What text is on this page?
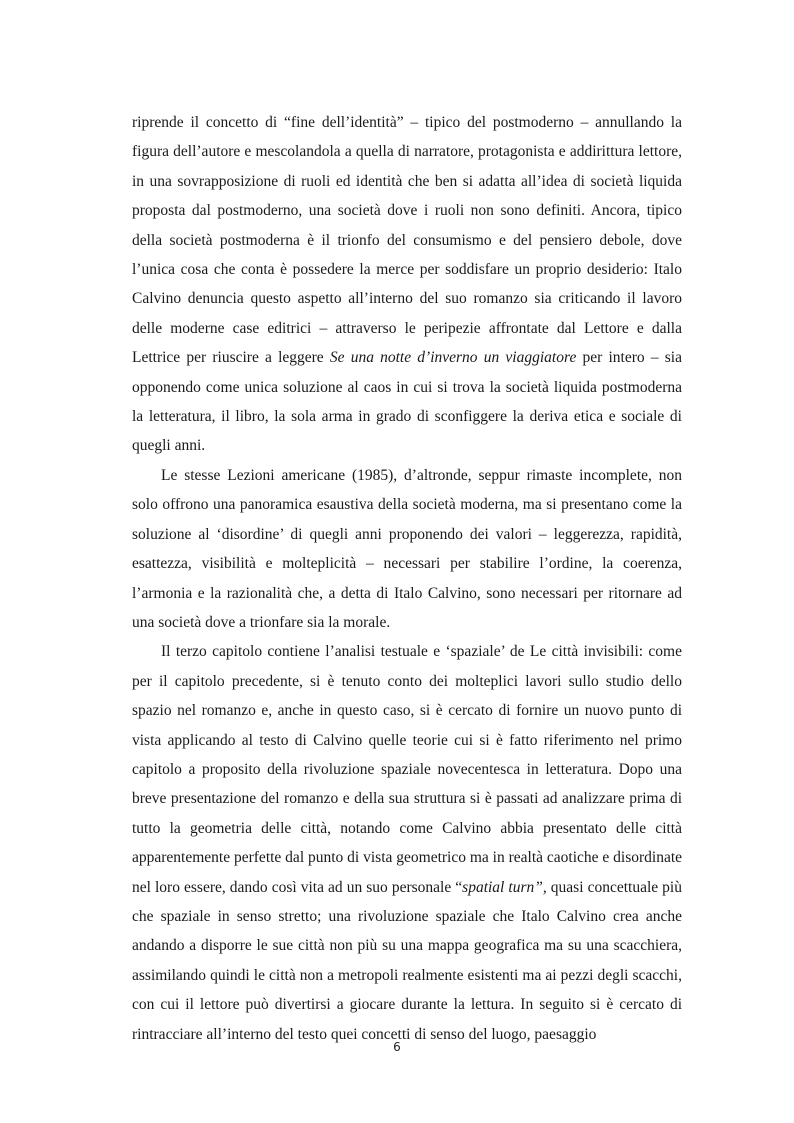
riprende il concetto di “fine dell’identità” – tipico del postmoderno – annullando la figura dell’autore e mescolandola a quella di narratore, protagonista e addirittura lettore, in una sovrapposizione di ruoli ed identità che ben si adatta all’idea di società liquida proposta dal postmoderno, una società dove i ruoli non sono definiti. Ancora, tipico della società postmoderna è il trionfo del consumismo e del pensiero debole, dove l’unica cosa che conta è possedere la merce per soddisfare un proprio desiderio: Italo Calvino denuncia questo aspetto all’interno del suo romanzo sia criticando il lavoro delle moderne case editrici – attraverso le peripezie affrontate dal Lettore e dalla Lettrice per riuscire a leggere Se una notte d’inverno un viaggiatore per intero – sia opponendo come unica soluzione al caos in cui si trova la società liquida postmoderna la letteratura, il libro, la sola arma in grado di sconfiggere la deriva etica e sociale di quegli anni.

Le stesse Lezioni americane (1985), d’altronde, seppur rimaste incomplete, non solo offrono una panoramica esaustiva della società moderna, ma si presentano come la soluzione al ‘disordine’ di quegli anni proponendo dei valori – leggerezza, rapidità, esattezza, visibilità e molteplicità – necessari per stabilire l’ordine, la coerenza, l’armonia e la razionalità che, a detta di Italo Calvino, sono necessari per ritornare ad una società dove a trionfare sia la morale.

Il terzo capitolo contiene l’analisi testuale e ‘spaziale’ de Le città invisibili: come per il capitolo precedente, si è tenuto conto dei molteplici lavori sullo studio dello spazio nel romanzo e, anche in questo caso, si è cercato di fornire un nuovo punto di vista applicando al testo di Calvino quelle teorie cui si è fatto riferimento nel primo capitolo a proposito della rivoluzione spaziale novecentesca in letteratura. Dopo una breve presentazione del romanzo e della sua struttura si è passati ad analizzare prima di tutto la geometria delle città, notando come Calvino abbia presentato delle città apparentemente perfette dal punto di vista geometrico ma in realtà caotiche e disordinate nel loro essere, dando così vita ad un suo personale “spatial turn”, quasi concettuale più che spaziale in senso stretto; una rivoluzione spaziale che Italo Calvino crea anche andando a disporre le sue città non più su una mappa geografica ma su una scacchiera, assimilando quindi le città non a metropoli realmente esistenti ma ai pezzi degli scacchi, con cui il lettore può divertirsi a giocare durante la lettura. In seguito si è cercato di rintracciare all’interno del testo quei concetti di senso del luogo, paesaggio

6
